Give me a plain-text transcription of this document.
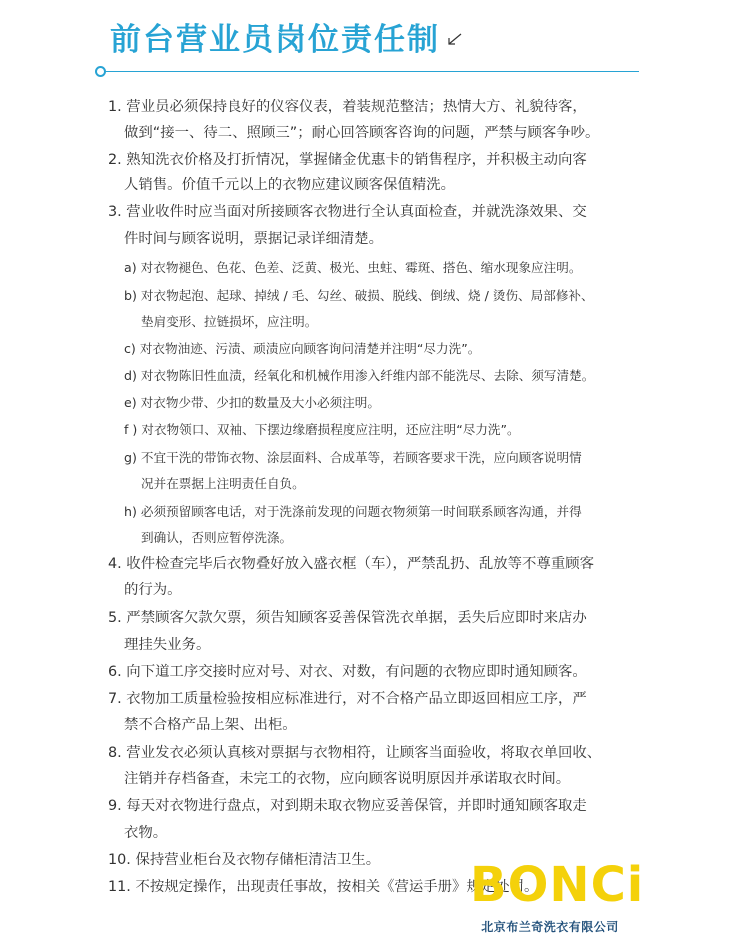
前台营业员岗位责任制
1. 营业员必须保持良好的仪容仪表，着装规范整洁；热情大方、礼貌待客，
做到“接一、待二、照顾三”；耐心回答顾客咨询的问题，严禁与顾客争吵。
2. 熟知洗衣价格及打折情况，掌握储金优惠卡的销售程序，并积极主动向客
人销售。价值千元以上的衣物应建议顾客保值精洗。
3. 营业收件时应当面对所接顾客衣物进行全认真面检查，并就洗涤效果、交
件时间与顾客说明，票据记录详细清楚。
a) 对衣物褪色、色花、色差、泛黄、极光、虫蛀、霉斑、搭色、缩水现象应注明。
b) 对衣物起泡、起球、掉绒 / 毛、勾丝、破损、脱线、倒绒、烧 / 烫伤、局部修补、
垫肩变形、拉链损坏，应注明。
c) 对衣物油迹、污渍、顽渍应向顾客询问清楚并注明“尽力洗”。
d) 对衣物陈旧性血渍，经氧化和机械作用渗入纤维内部不能洗尽、去除、须写清楚。
e) 对衣物少带、少扣的数量及大小必须注明。
f ) 对衣物领口、双袖、下摆边缘磨损程度应注明，还应注明“尽力洗”。
g) 不宜干洗的带饰衣物、涂层面料、合成革等，若顾客要求干洗，应向顾客说明情
况并在票据上注明责任自负。
h) 必须预留顾客电话，对于洗涤前发现的问题衣物须第一时间联系顾客沟通，并得
到确认，否则应暂停洗涤。
4. 收件检查完毕后衣物叠好放入盛衣框（车），严禁乱扔、乱放等不尊重顾客
的行为。
5. 严禁顾客欠款欠票，须告知顾客妥善保管洗衣单据，丢失后应即时来店办
理挂失业务。
6. 向下道工序交接时应对号、对衣、对数，有问题的衣物应即时通知顾客。
7. 衣物加工质量检验按相应标准进行，对不合格产品立即返回相应工序，严
禁不合格产品上架、出柜。
8. 营业发衣必须认真核对票据与衣物相符，让顾客当面验收，将取衣单回收、
注销并存档备查，未完工的衣物，应向顾客说明原因并承诺取衣时间。
9. 每天对衣物进行盘点，对到期未取衣物应妥善保管，并即时通知顾客取走
衣物。
10. 保持营业柜台及衣物存储柜清洁卫生。
11. 不按规定操作，出现责任事故，按相关《营运手册》规定处罚。
BONCi
北京布兰奇洗衣有限公司
